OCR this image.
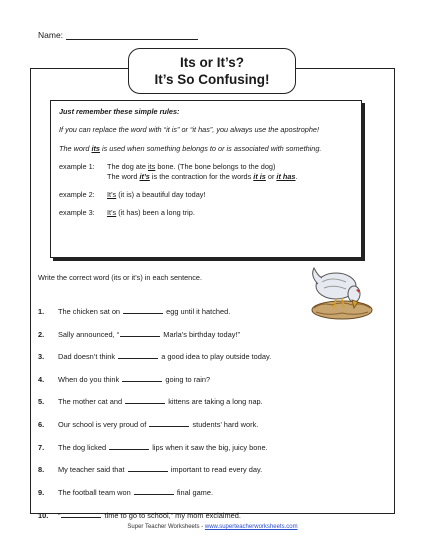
Name:
Its or It’s?
It’s So Confusing!
Just remember these simple rules:
If you can replace the word with “it is” or “it has”, you always use the apostrophe!
The word its is used when something belongs to or is associated with something.
example 1: The dog ate its bone. (The bone belongs to the dog)
The word it’s is the contraction for the words it is or it has.
example 2: It’s (it is) a beautiful day today!
example 3: It’s (it has) been a long trip.
Write the correct word (its or it’s) in each sentence.
1. The chicken sat on	egg until it hatched.
2. Sally announced, “	Marla’s birthday today!”
3. Dad doesn’t think	a good idea to play outside today.
4. When do you think	going to rain?
5. The mother cat and	kittens are taking a long nap.
6. Our school is very proud of	students’ hard work.
7. The dog licked	lips when it saw the big, juicy bone.
8. My teacher said that	important to read every day.
9. The football team won	final game.
10. “	time to go to school,” my mom exclaimed.
Super Teacher Worksheets - www.superteacherworksheets.com
